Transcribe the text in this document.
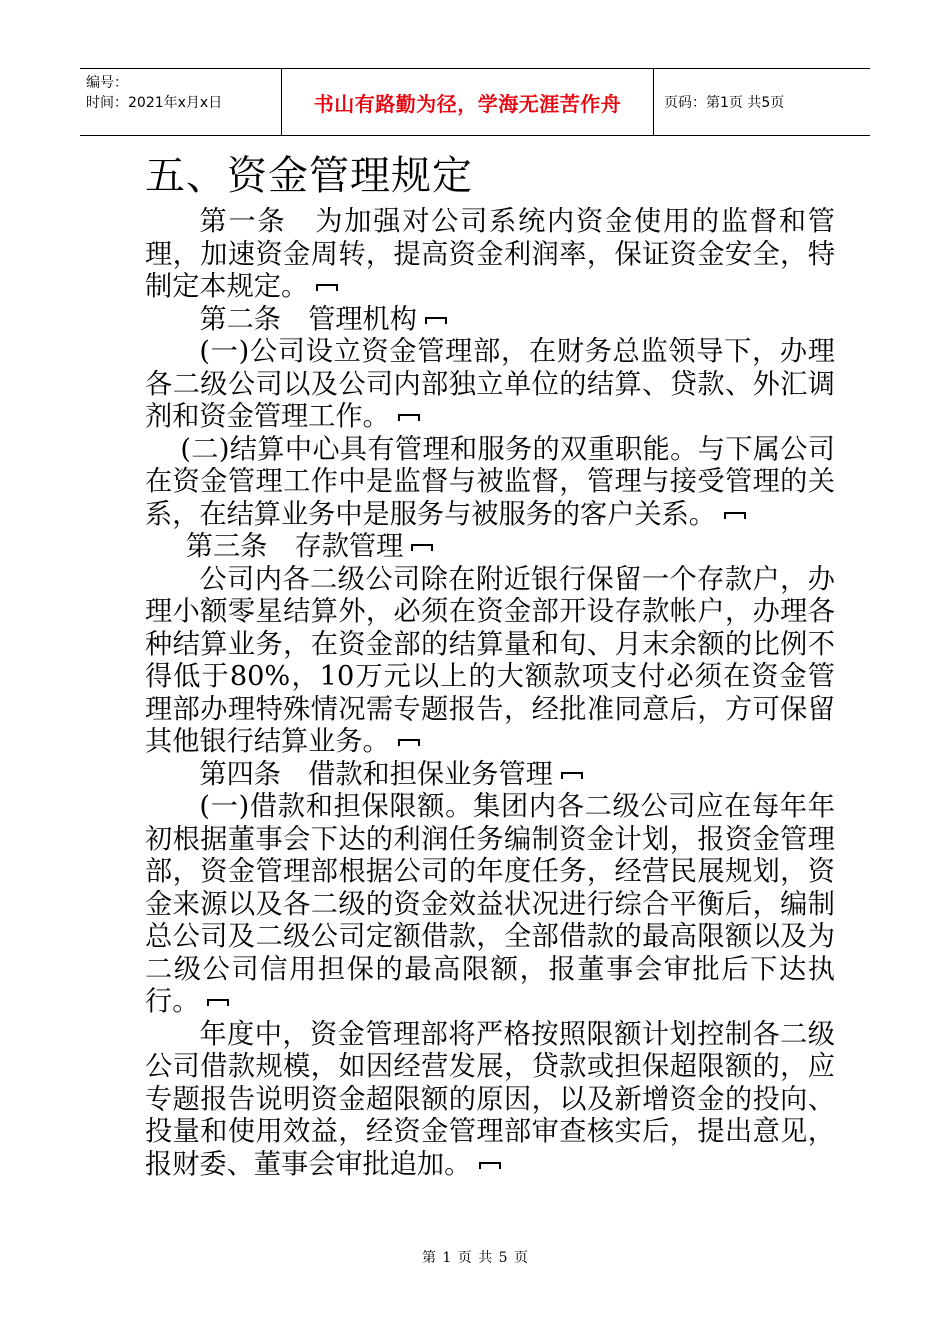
编号：
时间：2021年x月x日	书山有路勤为径，学海无涯苦作舟	页码：第1页 共5页
五、资金管理规定

第一条　为加强对公司系统内资金使用的监督和管理，加速资金周转，提高资金利润率，保证资金安全，特制定本规定。

第二条　管理机构

(一)公司设立资金管理部，在财务总监领导下，办理各二级公司以及公司内部独立单位的结算、贷款、外汇调剂和资金管理工作。

(二)结算中心具有管理和服务的双重职能。与下属公司在资金管理工作中是监督与被监督，管理与接受管理的关系，在结算业务中是服务与被服务的客户关系。

第三条　存款管理

公司内各二级公司除在附近银行保留一个存款户，办理小额零星结算外，必须在资金部开设存款帐户，办理各种结算业务，在资金部的结算量和旬、月末余额的比例不得低于80%，10万元以上的大额款项支付必须在资金管理部办理特殊情况需专题报告，经批准同意后，方可保留其他银行结算业务。

第四条　借款和担保业务管理

(一)借款和担保限额。集团内各二级公司应在每年年初根据董事会下达的利润任务编制资金计划，报资金管理部，资金管理部根据公司的年度任务，经营民展规划，资金来源以及各二级的资金效益状况进行综合平衡后，编制总公司及二级公司定额借款，全部借款的最高限额以及为二级公司信用担保的最高限额，报董事会审批后下达执行。

年度中，资金管理部将严格按照限额计划控制各二级公司借款规模，如因经营发展，贷款或担保超限额的，应专题报告说明资金超限额的原因，以及新增资金的投向、投量和使用效益，经资金管理部审查核实后，提出意见，报财委、董事会审批追加。

第 1 页 共 5 页
